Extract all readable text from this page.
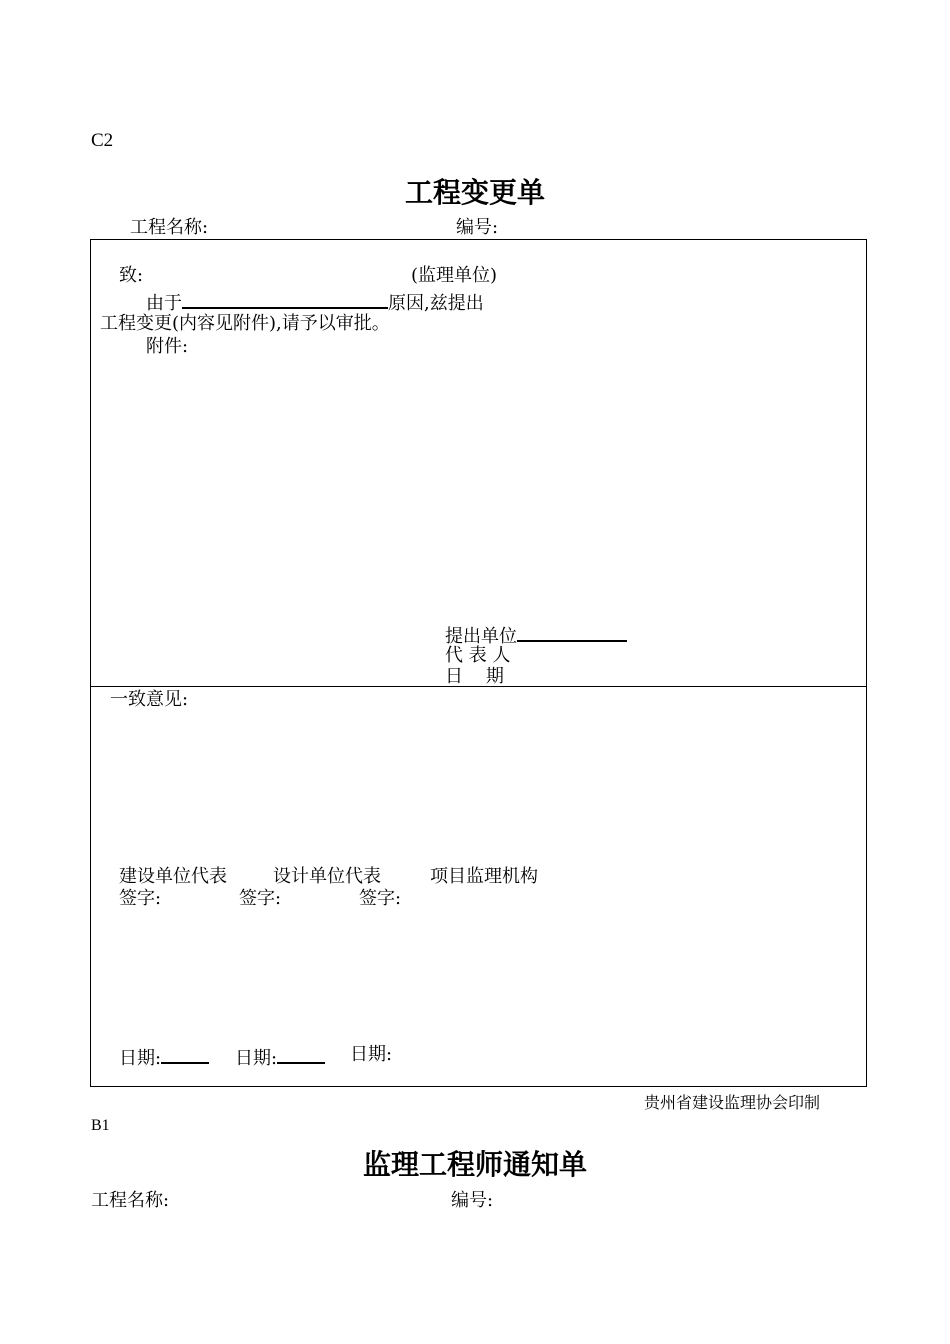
C2
工程变更单
工程名称:	编号:
致:	(监理单位)
由于	原因,兹提出
工程变更(内容见附件),请予以审批。
附件:
提出单位
代 表 人
日    期
一致意见:
建设单位代表	设计单位代表	项目监理机构
签字:	签字:	签字:
日期:	日期:	日期:
贵州省建设监理协会印制
B1
监理工程师通知单
工程名称:	编号:
